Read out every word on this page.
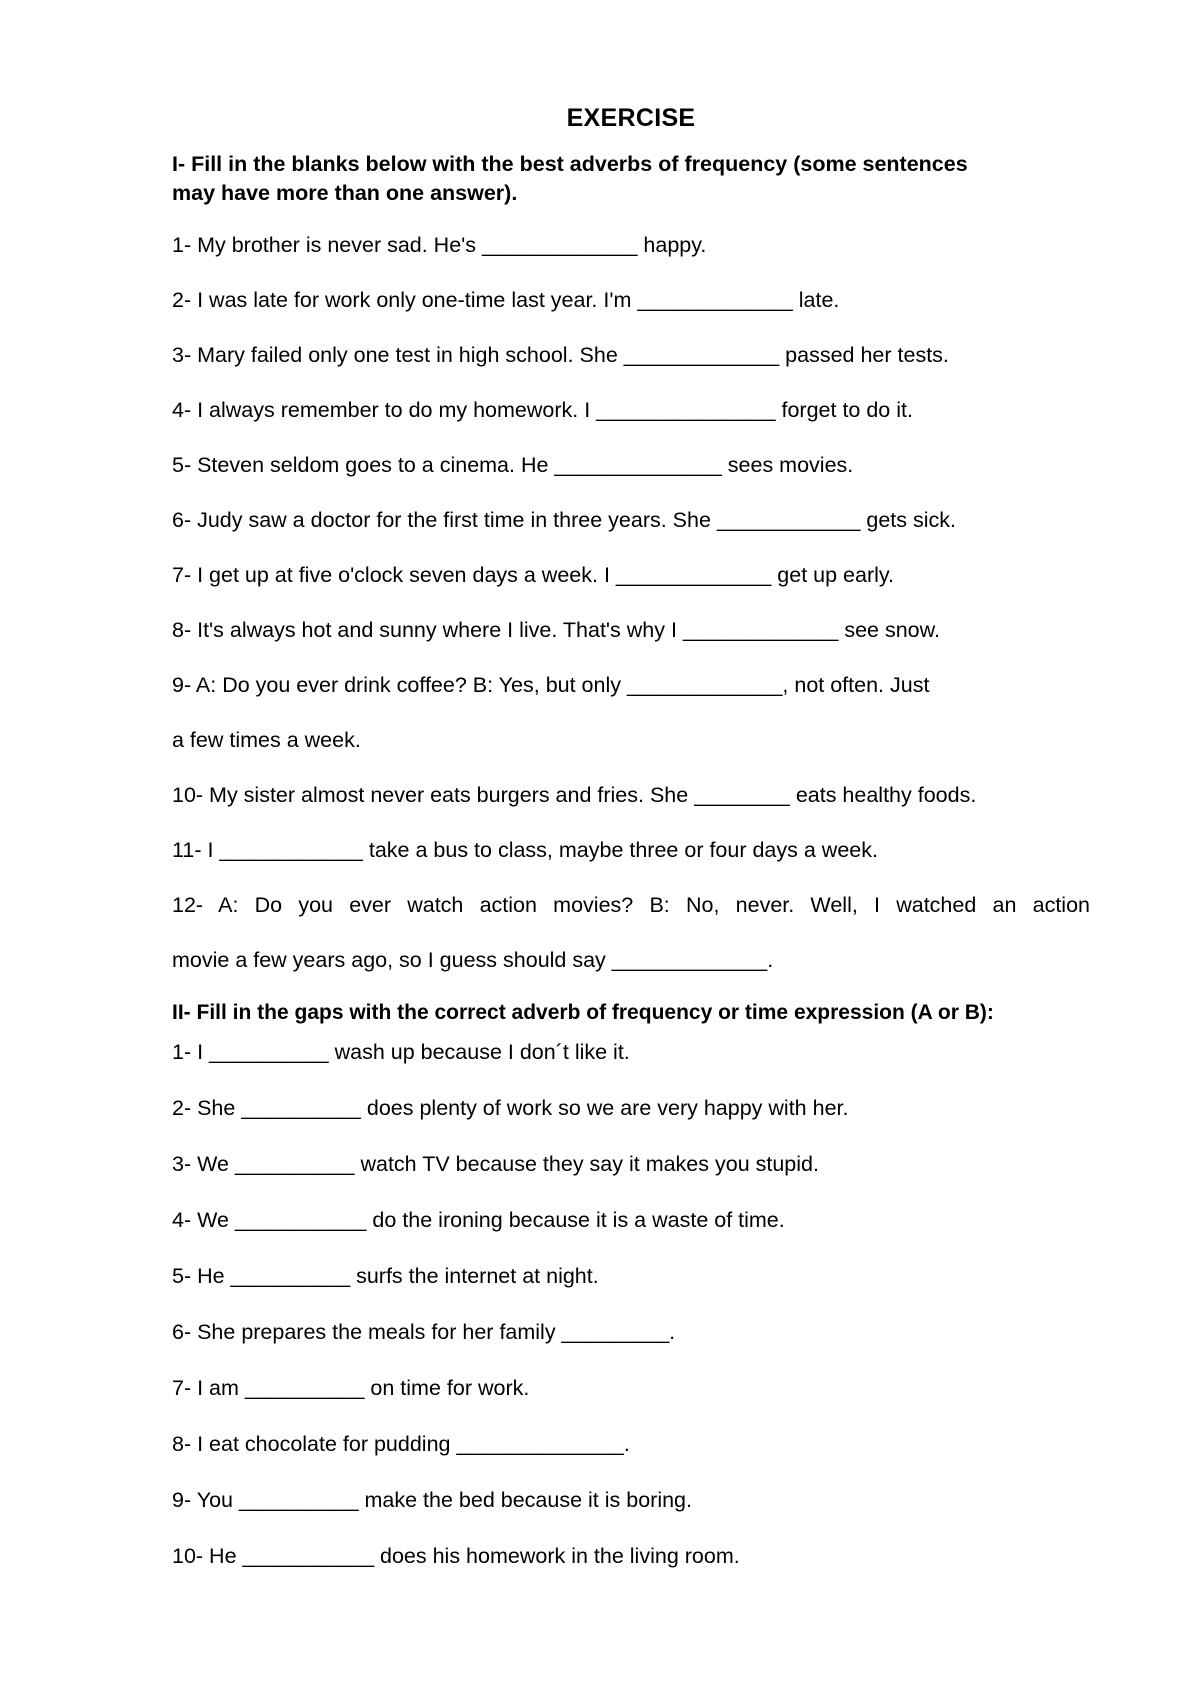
EXERCISE
I- Fill in the blanks below with the best adverbs of frequency (some sentences
may have more than one answer).

1- My brother is never sad. He's _____________ happy.

2- I was late for work only one-time last year. I'm _____________ late.

3- Mary failed only one test in high school. She _____________ passed her tests.

4- I always remember to do my homework. I _______________ forget to do it.

5- Steven seldom goes to a cinema. He ______________ sees movies.

6- Judy saw a doctor for the first time in three years. She ____________ gets sick.

7- I get up at five o'clock seven days a week. I _____________ get up early.

8- It's always hot and sunny where I live. That's why I _____________ see snow.

9- A: Do you ever drink coffee? B: Yes, but only _____________, not often. Just

a few times a week.

10- My sister almost never eats burgers and fries. She ________ eats healthy foods.

11- I ____________ take a bus to class, maybe three or four days a week.

12- A: Do you ever watch action movies? B: No, never. Well, I watched an action

movie a few years ago, so I guess should say _____________.

II- Fill in the gaps with the correct adverb of frequency or time expression (A or B):

1- I __________ wash up because I don´t like it.

2- She __________ does plenty of work so we are very happy with her.

3- We __________ watch TV because they say it makes you stupid.

4- We ___________ do the ironing because it is a waste of time.

5- He __________ surfs the internet at night.

6- She prepares the meals for her family _________.

7- I am __________ on time for work.

8- I eat chocolate for pudding ______________.

9- You __________ make the bed because it is boring.

10- He ___________ does his homework in the living room.
